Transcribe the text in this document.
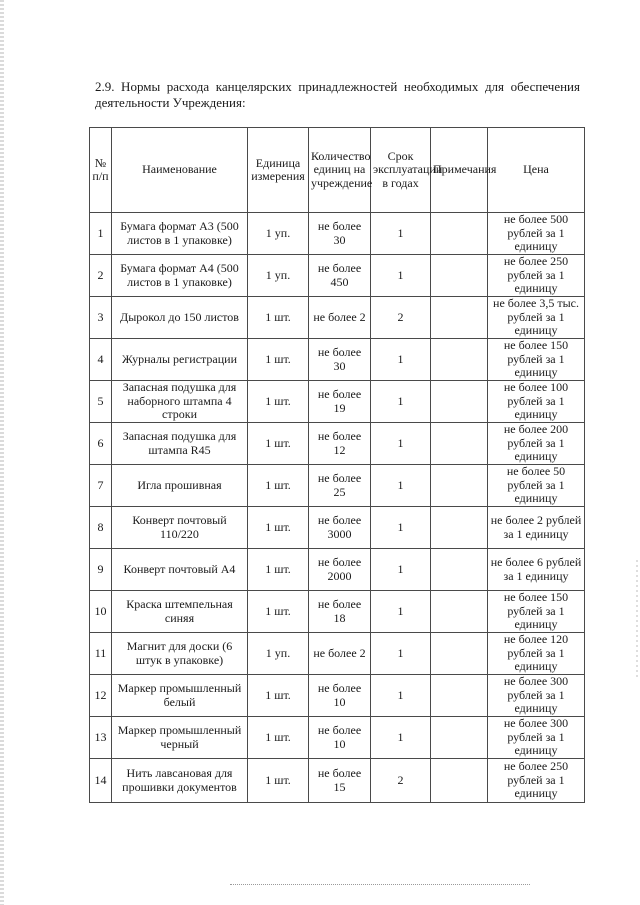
2.9. Нормы расхода канцелярских принадлежностей необходимых для обеспечения деятельности Учреждения:
№ п/п	Наименование	Единица измерения	Количество единиц на учреждение	Срок эксплуатации в годах	Примечания	Цена
1	Бумага формат А3 (500 листов в 1 упаковке)	1 уп.	не более 30	1		не более 500 рублей за 1 единицу
2	Бумага формат А4 (500 листов в 1 упаковке)	1 уп.	не более 450	1		не более 250 рублей за 1 единицу
3	Дырокол до 150 листов	1 шт.	не более 2	2		не более 3,5 тыс. рублей за 1 единицу
4	Журналы регистрации	1 шт.	не более 30	1		не более 150 рублей за 1 единицу
5	Запасная подушка для наборного штампа 4 строки	1 шт.	не более 19	1		не более 100 рублей за 1 единицу
6	Запасная подушка для штампа R45	1 шт.	не более 12	1		не более 200 рублей за 1 единицу
7	Игла прошивная	1 шт.	не более 25	1		не более 50 рублей за 1 единицу
8	Конверт почтовый 110/220	1 шт.	не более 3000	1		не более 2 рублей за 1 единицу
9	Конверт почтовый А4	1 шт.	не более 2000	1		не более 6 рублей за 1 единицу
10	Краска штемпельная синяя	1 шт.	не более 18	1		не более 150 рублей за 1 единицу
11	Магнит для доски (6 штук в упаковке)	1 уп.	не более 2	1		не более 120 рублей за 1 единицу
12	Маркер промышленный белый	1 шт.	не более 10	1		не более 300 рублей за 1 единицу
13	Маркер промышленный черный	1 шт.	не более 10	1		не более 300 рублей за 1 единицу
14	Нить лавсановая для прошивки документов	1 шт.	не более 15	2		не более 250 рублей за 1 единицу
